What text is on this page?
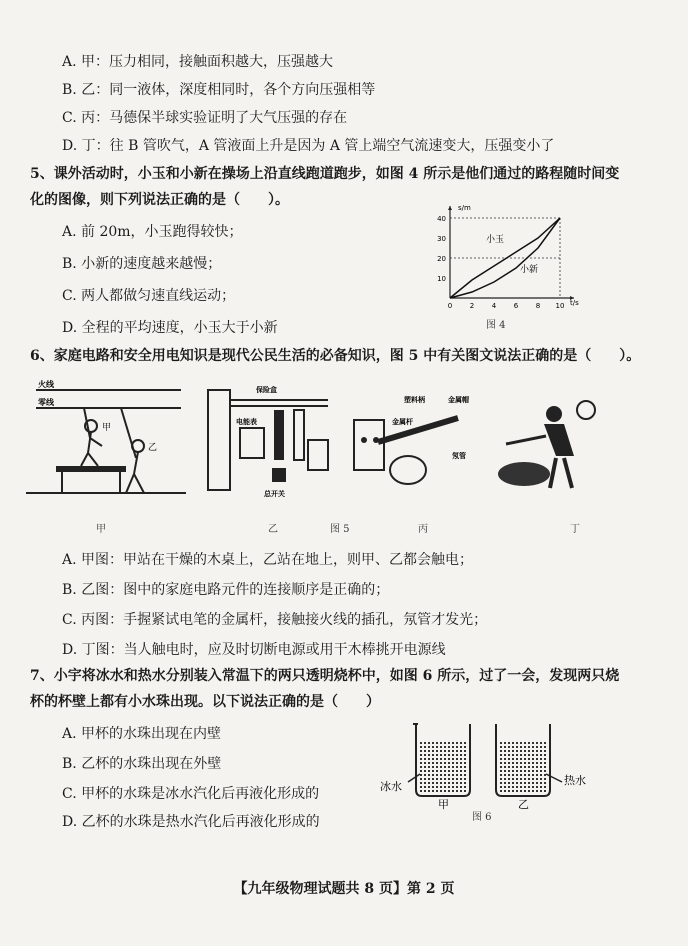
A. 甲：压力相同，接触面积越大，压强越大
B. 乙：同一液体，深度相同时，各个方向压强相等
C. 丙：马德保半球实验证明了大气压强的存在
D. 丁：往 B 管吹气，A 管液面上升是因为 A 管上端空气流速变大，压强变小了
5、课外活动时，小玉和小新在操场上沿直线跑道跑步，如图 4 所示是他们通过的路程随时间变
化的图像，则下列说法正确的是（　　）。
A. 前 20m，小玉跑得较快；
B. 小新的速度越来越慢；
C. 两人都做匀速直线运动；
D. 全程的平均速度，小玉大于小新
40
30
20
10
0	2	4	6	8 10
s/m
t/s
小玉
小新
图 4
6、家庭电路和安全用电知识是现代公民生活的必备知识，图 5 中有关图文说法正确的是（　　）。
火线
零线
甲
乙
电能表
保险盒
总开关
塑料柄	金属帽
金属杆
氖管
甲	乙	图 5	丙	丁
A. 甲图：甲站在干燥的木桌上，乙站在地上，则甲、乙都会触电；
B. 乙图：图中的家庭电路元件的连接顺序是正确的；
C. 丙图：手握紧试电笔的金属杆，接触接火线的插孔，氖管才发光；
D. 丁图：当人触电时，应及时切断电源或用干木棒挑开电源线
7、小宇将冰水和热水分别装入常温下的两只透明烧杯中，如图 6 所示，过了一会，发现两只烧
杯的杯壁上都有小水珠出现。以下说法正确的是（　　）
A. 甲杯的水珠出现在内壁
B. 乙杯的水珠出现在外壁
C. 甲杯的水珠是冰水汽化后再液化形成的
D. 乙杯的水珠是热水汽化后再液化形成的
冰水	热水
甲	乙
图 6
【九年级物理试题共 8 页】第 2 页
